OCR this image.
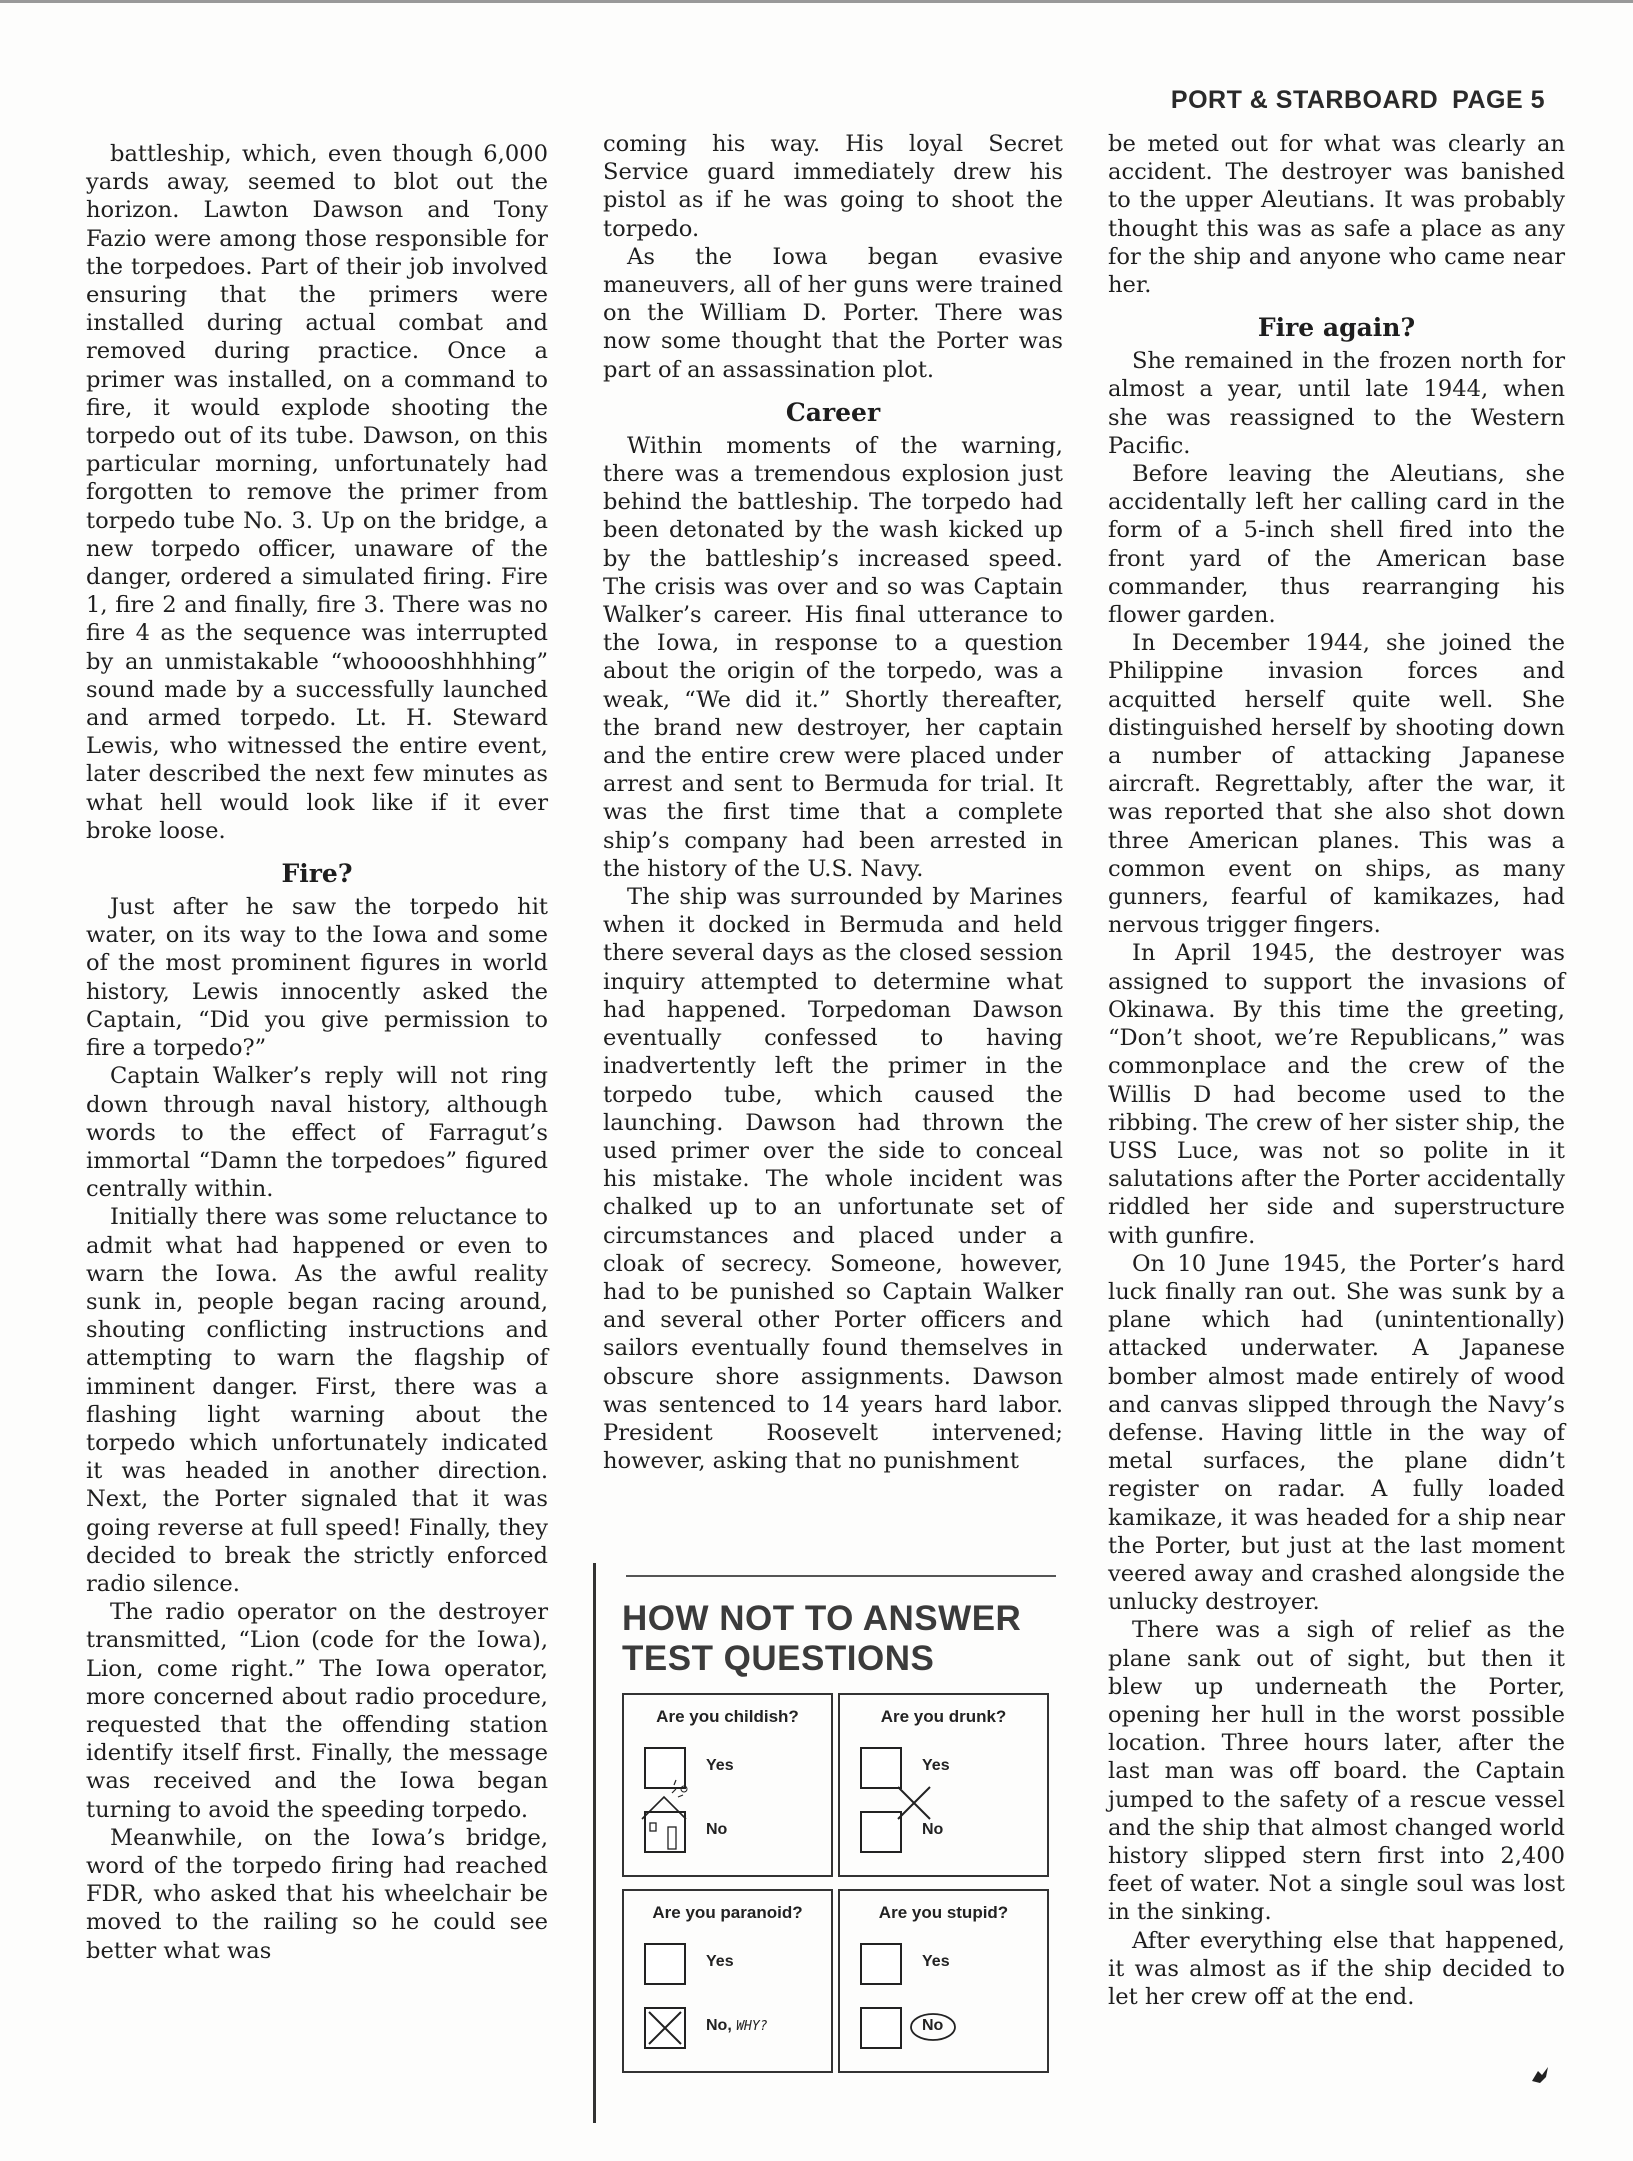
PORT & STARBOARD PAGE 5

battleship, which, even though 6,000 yards away, seemed to blot out the horizon. Lawton Dawson and Tony Fazio were among those responsible for the torpedoes. Part of their job involved ensuring that the primers were installed during actual combat and removed during practice. Once a primer was installed, on a command to fire, it would explode shooting the torpedo out of its tube. Dawson, on this particular morning, unfortunately had forgotten to remove the primer from torpedo tube No. 3. Up on the bridge, a new torpedo officer, unaware of the danger, ordered a simulated firing. Fire 1, fire 2 and finally, fire 3. There was no fire 4 as the sequence was interrupted by an unmistakable “whooooshhhhing” sound made by a successfully launched and armed torpedo. Lt. H. Steward Lewis, who witnessed the entire event, later described the next few minutes as what hell would look like if it ever broke loose.

Fire?

Just after he saw the torpedo hit water, on its way to the Iowa and some of the most prominent figures in world history, Lewis innocently asked the Captain, “Did you give permission to fire a torpedo?”

Captain Walker’s reply will not ring down through naval history, although words to the effect of Farragut’s immortal “Damn the torpedoes” figured centrally within.

Initially there was some reluctance to admit what had happened or even to warn the Iowa. As the awful reality sunk in, people began racing around, shouting conflicting instructions and attempting to warn the flagship of imminent danger. First, there was a flashing light warning about the torpedo which unfortunately indicated it was headed in another direction. Next, the Porter signaled that it was going reverse at full speed! Finally, they decided to break the strictly enforced radio silence.

The radio operator on the destroyer transmitted, “Lion (code for the Iowa), Lion, come right.” The Iowa operator, more concerned about radio procedure, requested that the offending station identify itself first. Finally, the message was received and the Iowa began turning to avoid the speeding torpedo.

Meanwhile, on the Iowa’s bridge, word of the torpedo firing had reached FDR, who asked that his wheelchair be moved to the railing so he could see better what was

coming his way. His loyal Secret Service guard immediately drew his pistol as if he was going to shoot the torpedo.

As the Iowa began evasive maneuvers, all of her guns were trained on the William D. Porter. There was now some thought that the Porter was part of an assassination plot.

Career

Within moments of the warning, there was a tremendous explosion just behind the battleship. The torpedo had been detonated by the wash kicked up by the battleship’s increased speed. The crisis was over and so was Captain Walker’s career. His final utterance to the Iowa, in response to a question about the origin of the torpedo, was a weak, “We did it.” Shortly thereafter, the brand new destroyer, her captain and the entire crew were placed under arrest and sent to Bermuda for trial. It was the first time that a complete ship’s company had been arrested in the history of the U.S. Navy.

The ship was surrounded by Marines when it docked in Bermuda and held there several days as the closed session inquiry attempted to determine what had happened. Torpedoman Dawson eventually confessed to having inadvertently left the primer in the torpedo tube, which caused the launching. Dawson had thrown the used primer over the side to conceal his mistake. The whole incident was chalked up to an unfortunate set of circumstances and placed under a cloak of secrecy. Someone, however, had to be punished so Captain Walker and several other Porter officers and sailors eventually found themselves in obscure shore assignments. Dawson was sentenced to 14 years hard labor. President Roosevelt intervened; however, asking that no punishment

be meted out for what was clearly an accident. The destroyer was banished to the upper Aleutians. It was probably thought this was as safe a place as any for the ship and anyone who came near her.

Fire again?

She remained in the frozen north for almost a year, until late 1944, when she was reassigned to the Western Pacific.

Before leaving the Aleutians, she accidentally left her calling card in the form of a 5-inch shell fired into the front yard of the American base commander, thus rearranging his flower garden.

In December 1944, she joined the Philippine invasion forces and acquitted herself quite well. She distinguished herself by shooting down a number of attacking Japanese aircraft. Regrettably, after the war, it was reported that she also shot down three American planes. This was a common event on ships, as many gunners, fearful of kamikazes, had nervous trigger fingers.

In April 1945, the destroyer was assigned to support the invasions of Okinawa. By this time the greeting, “Don’t shoot, we’re Republicans,” was commonplace and the crew of the Willis D had become used to the ribbing. The crew of her sister ship, the USS Luce, was not so polite in it salutations after the Porter accidentally riddled her side and superstructure with gunfire.

On 10 June 1945, the Porter’s hard luck finally ran out. She was sunk by a plane which had (unintentionally) attacked underwater. A Japanese bomber almost made entirely of wood and canvas slipped through the Navy’s defense. Having little in the way of metal surfaces, the plane didn’t register on radar. A fully loaded kamikaze, it was headed for a ship near the Porter, but just at the last moment veered away and crashed alongside the unlucky destroyer.

There was a sigh of relief as the plane sank out of sight, but then it blew up underneath the Porter, opening her hull in the worst possible location. Three hours later, after the last man was off board. the Captain jumped to the safety of a rescue vessel and the ship that almost changed world history slipped stern first into 2,400 feet of water. Not a single soul was lost in the sinking.

After everything else that happened, it was almost as if the ship decided to let her crew off at the end.

HOW NOT TO ANSWER
TEST QUESTIONS
Are you childish?
Yes
No
Are you drunk?
Yes
No
Are you paranoid?
Yes
No, WHY?
Are you stupid?
Yes
No
